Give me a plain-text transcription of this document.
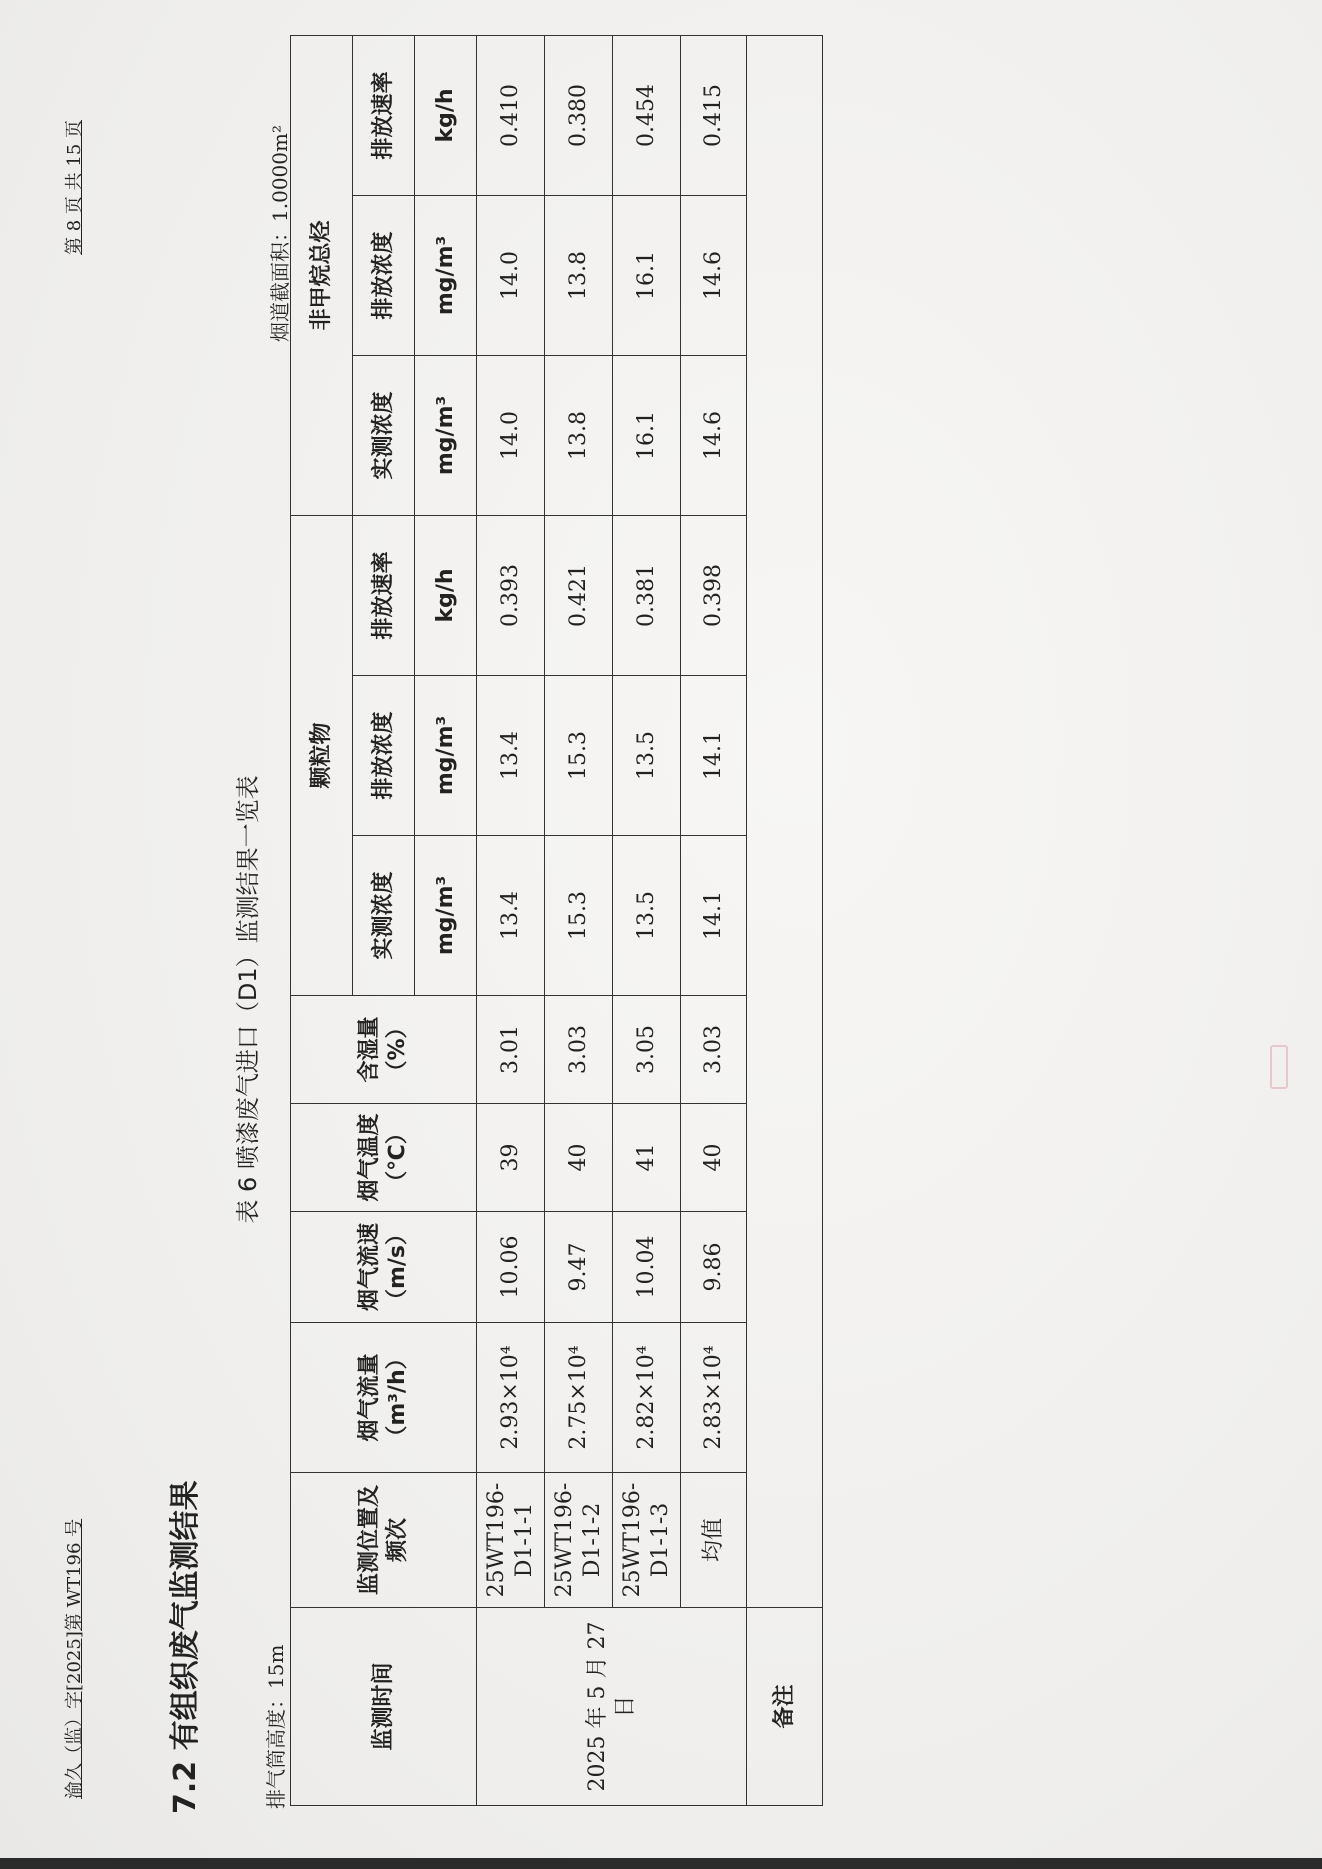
渝久（监）字[2025]第 WT196 号
第 8 页 共 15 页
7.2 有组织废气监测结果
表 6 喷漆废气进口（D1）监测结果一览表
排气筒高度：15m
烟道截面积：1.0000m²
监测时间	监测位置及频次	烟气流量（m³/h）	烟气流速（m/s）	烟气温度（℃）	含湿量（%）	颗粒物			非甲烷总烃		
						实测浓度	排放浓度	排放速率	实测浓度	排放浓度	排放速率
						mg/m³	mg/m³	kg/h	mg/m³	mg/m³	kg/h
2025 年 5 月 27 日	25WT196-D1-1-1	2.93×10⁴	10.06	39	3.01	13.4	13.4	0.393	14.0	14.0	0.410
	25WT196-D1-1-2	2.75×10⁴	9.47	40	3.03	15.3	15.3	0.421	13.8	13.8	0.380
	25WT196-D1-1-3	2.82×10⁴	10.04	41	3.05	13.5	13.5	0.381	16.1	16.1	0.454
	均值	2.83×10⁴	9.86	40	3.03	14.1	14.1	0.398	14.6	14.6	0.415
备注											
